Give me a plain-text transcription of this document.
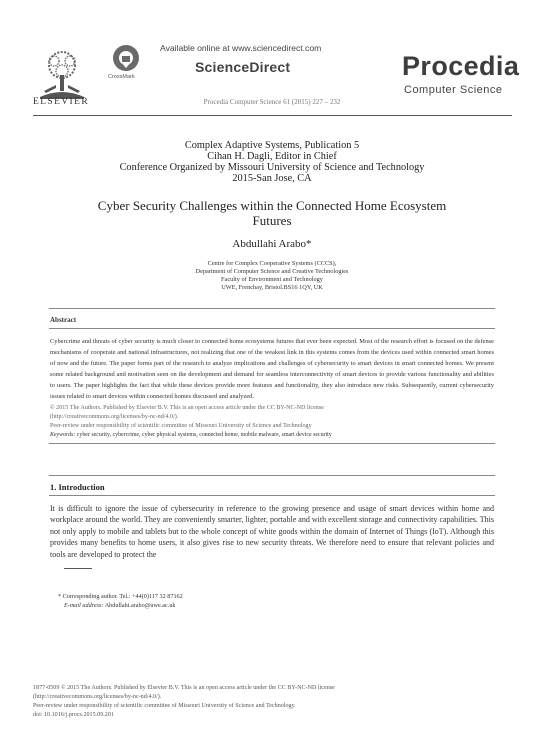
ELSEVIER
CrossMark
Available online at www.sciencedirect.com
ScienceDirect
Procedia Computer Science 61 (2015) 227 – 232
Procedia
Computer Science
Complex Adaptive Systems, Publication 5
Cihan H. Dagli, Editor in Chief
Conference Organized by Missouri University of Science and Technology
2015-San Jose, CA
Cyber Security Challenges within the Connected Home Ecosystem
Futures
Abdullahi Arabo*
Centre for Complex Cooperative Systems (CCCS),
Department of Computer Science and Creative Technologies
Faculty of Environment and Technology
UWE, Frenchay, Bristol.BS16 1QY, UK
Abstract
Cybercrime and threats of cyber security is much closer to connected home ecosystems futures that ever been expected. Most of the research effort is focused on the defense mechanisms of cooperate and national infrastructures, not realizing that one of the weakest link in this systems comes from the devices used within connected smart homes of now and the future. The paper forms part of the research to analyze implications and challenges of cybersecurity to smart devices in smart connected homes. We present some related background and motivation seen on the development and demand for seamless interconnectivity of smart devices to provide various functionality and abilities to users. The paper highlights the fact that while these devices provide more features and functionality, they also introduce new risks. Subsequently, current cybersecurity issues related to smart devices within connected homes discussed and analyzed.
© 2015 The Authors. Published by Elsevier B.V. This is an open access article under the CC BY-NC-ND license
(http://creativecommons.org/licenses/by-nc-nd/4.0/).
Peer-review under responsibility of scientific committee of Missouri University of Science and Technology
Keywords: cyber security, cybercrime, cyber physical systems, connected home, mobile malware, smart device security
1. Introduction
It is difficult to ignore the issue of cybersecurity in reference to the growing presence and usage of smart devices within home and workplace around the world. They are conveniently smarter, lighter, portable and with excellent storage and connectivity capabilities. This not only apply to mobile and tablets but to the whole concept of white goods within the domain of Internet of Things (IoT). Although this provides many benefits to home users, it also gives rise to new security threats. We therefore need to ensure that relevant policies and tools are developed to protect the
* Corresponding author. Tel.: +44(0)117 32 87162
E-mail address: Abdullahi.arabo@uwe.ac.uk
1877-0509 © 2015 The Authors. Published by Elsevier B.V. This is an open access article under the CC BY-NC-ND license
(http://creativecommons.org/licenses/by-nc-nd/4.0/).
Peer-review under responsibility of scientific committee of Missouri University of Science and Technology
doi: 10.1016/j.procs.2015.09.201
